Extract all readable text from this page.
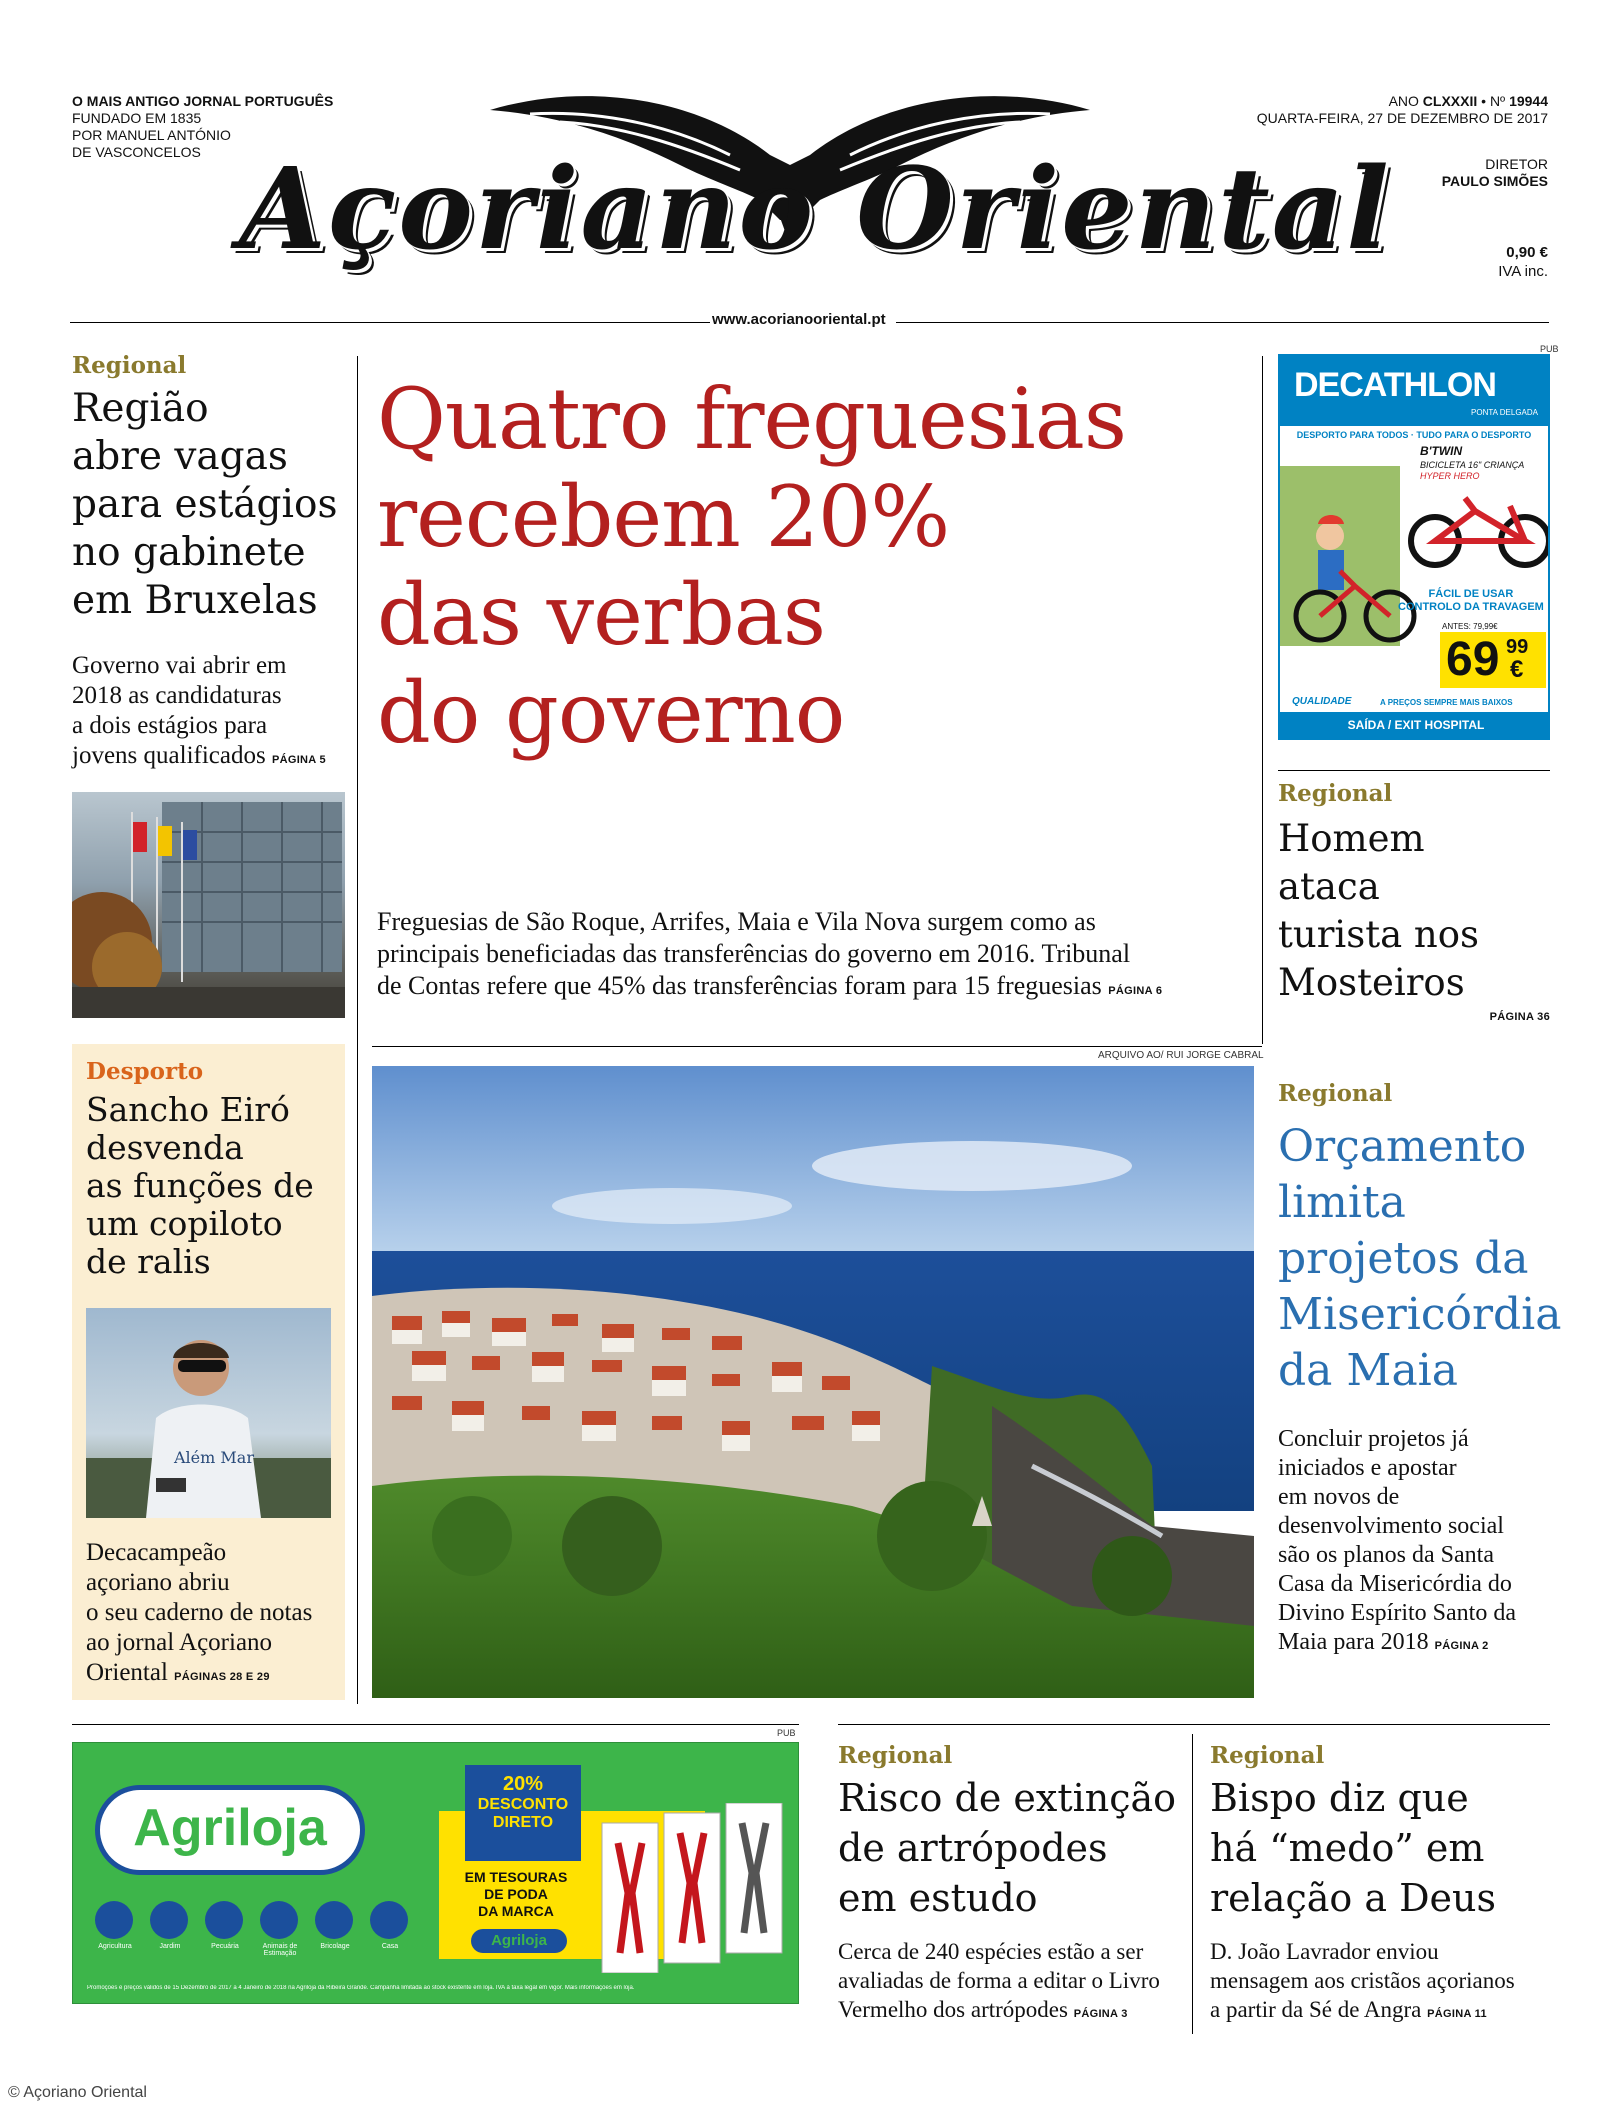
O MAIS ANTIGO JORNAL PORTUGUÊS
FUNDADO EM 1835
POR MANUEL ANTÓNIO
DE VASCONCELOS Açoriano Oriental
ANO CLXXXII • Nº 19944
QUARTA-FEIRA, 27 DE DEZEMBRO DE 2017
DIRETOR
PAULO SIMÕES
0,90 €
IVA inc.
www.acorianooriental.pt
Regional
Região
abre vagas
para estágios
no gabinete
em Bruxelas
Governo vai abrir em
2018 as candidaturas
a dois estágios para
jovens qualificados PÁGINA 5
Quatro freguesias
recebem 20%
das verbas
do governo
Freguesias de São Roque, Arrifes, Maia e Vila Nova surgem como as
principais beneficiadas das transferências do governo em 2016. Tribunal
de Contas refere que 45% das transferências foram para 15 freguesias PÁGINA 6
ARQUIVO AO/ RUI JORGE CABRAL
PUB
DECATHLON
PONTA DELGADA
DESPORTO PARA TODOS · TUDO PARA O DESPORTO
B'TWIN
BICICLETA 16" CRIANÇA
HYPER HERO
FÁCIL DE USAR
CONTROLO DA TRAVAGEM
ANTES: 79,99€
69 99
€
QUALIDADE	A PREÇOS SEMPRE MAIS BAIXOS
SAÍDA / EXIT HOSPITAL
Regional
Homem
ataca
turista nos
Mosteiros
PÁGINA 36
Desporto
Sancho Eiró
desvenda
as funções de
um copiloto
de ralis
Além Mar
Decacampeão
açoriano abriu
o seu caderno de notas
ao jornal Açoriano
Oriental PÁGINAS 28 E 29
Regional
Orçamento
limita
projetos da
Misericórdia
da Maia
Concluir projetos já
iniciados e apostar
em novos de
desenvolvimento social
são os planos da Santa
Casa da Misericórdia do
Divino Espírito Santo da
Maia para 2018 PÁGINA 2
PUB
Agriloja
Agricultura	Jardim	Pecuária	Animais de Estimação
Bricolage	Casa
20%
DESCONTO
DIRETO
EM TESOURAS
DE PODA
DA MARCA
Agriloja
Promoções e preços válidos de 15 Dezembro de 2017 a 4 Janeiro de 2018 na Agriloja da Ribeira Grande. Campanha limitada ao stock existente em loja. IVA à taxa legal em vigor. Mais informações em loja.
Regional
Risco de extinção
de artrópodes
em estudo
Cerca de 240 espécies estão a ser
avaliadas de forma a editar o Livro
Vermelho dos artrópodes PÁGINA 3
Regional
Bispo diz que
há “medo” em
relação a Deus
D. João Lavrador enviou
mensagem aos cristãos açorianos
a partir da Sé de Angra PÁGINA 11
© Açoriano Oriental
